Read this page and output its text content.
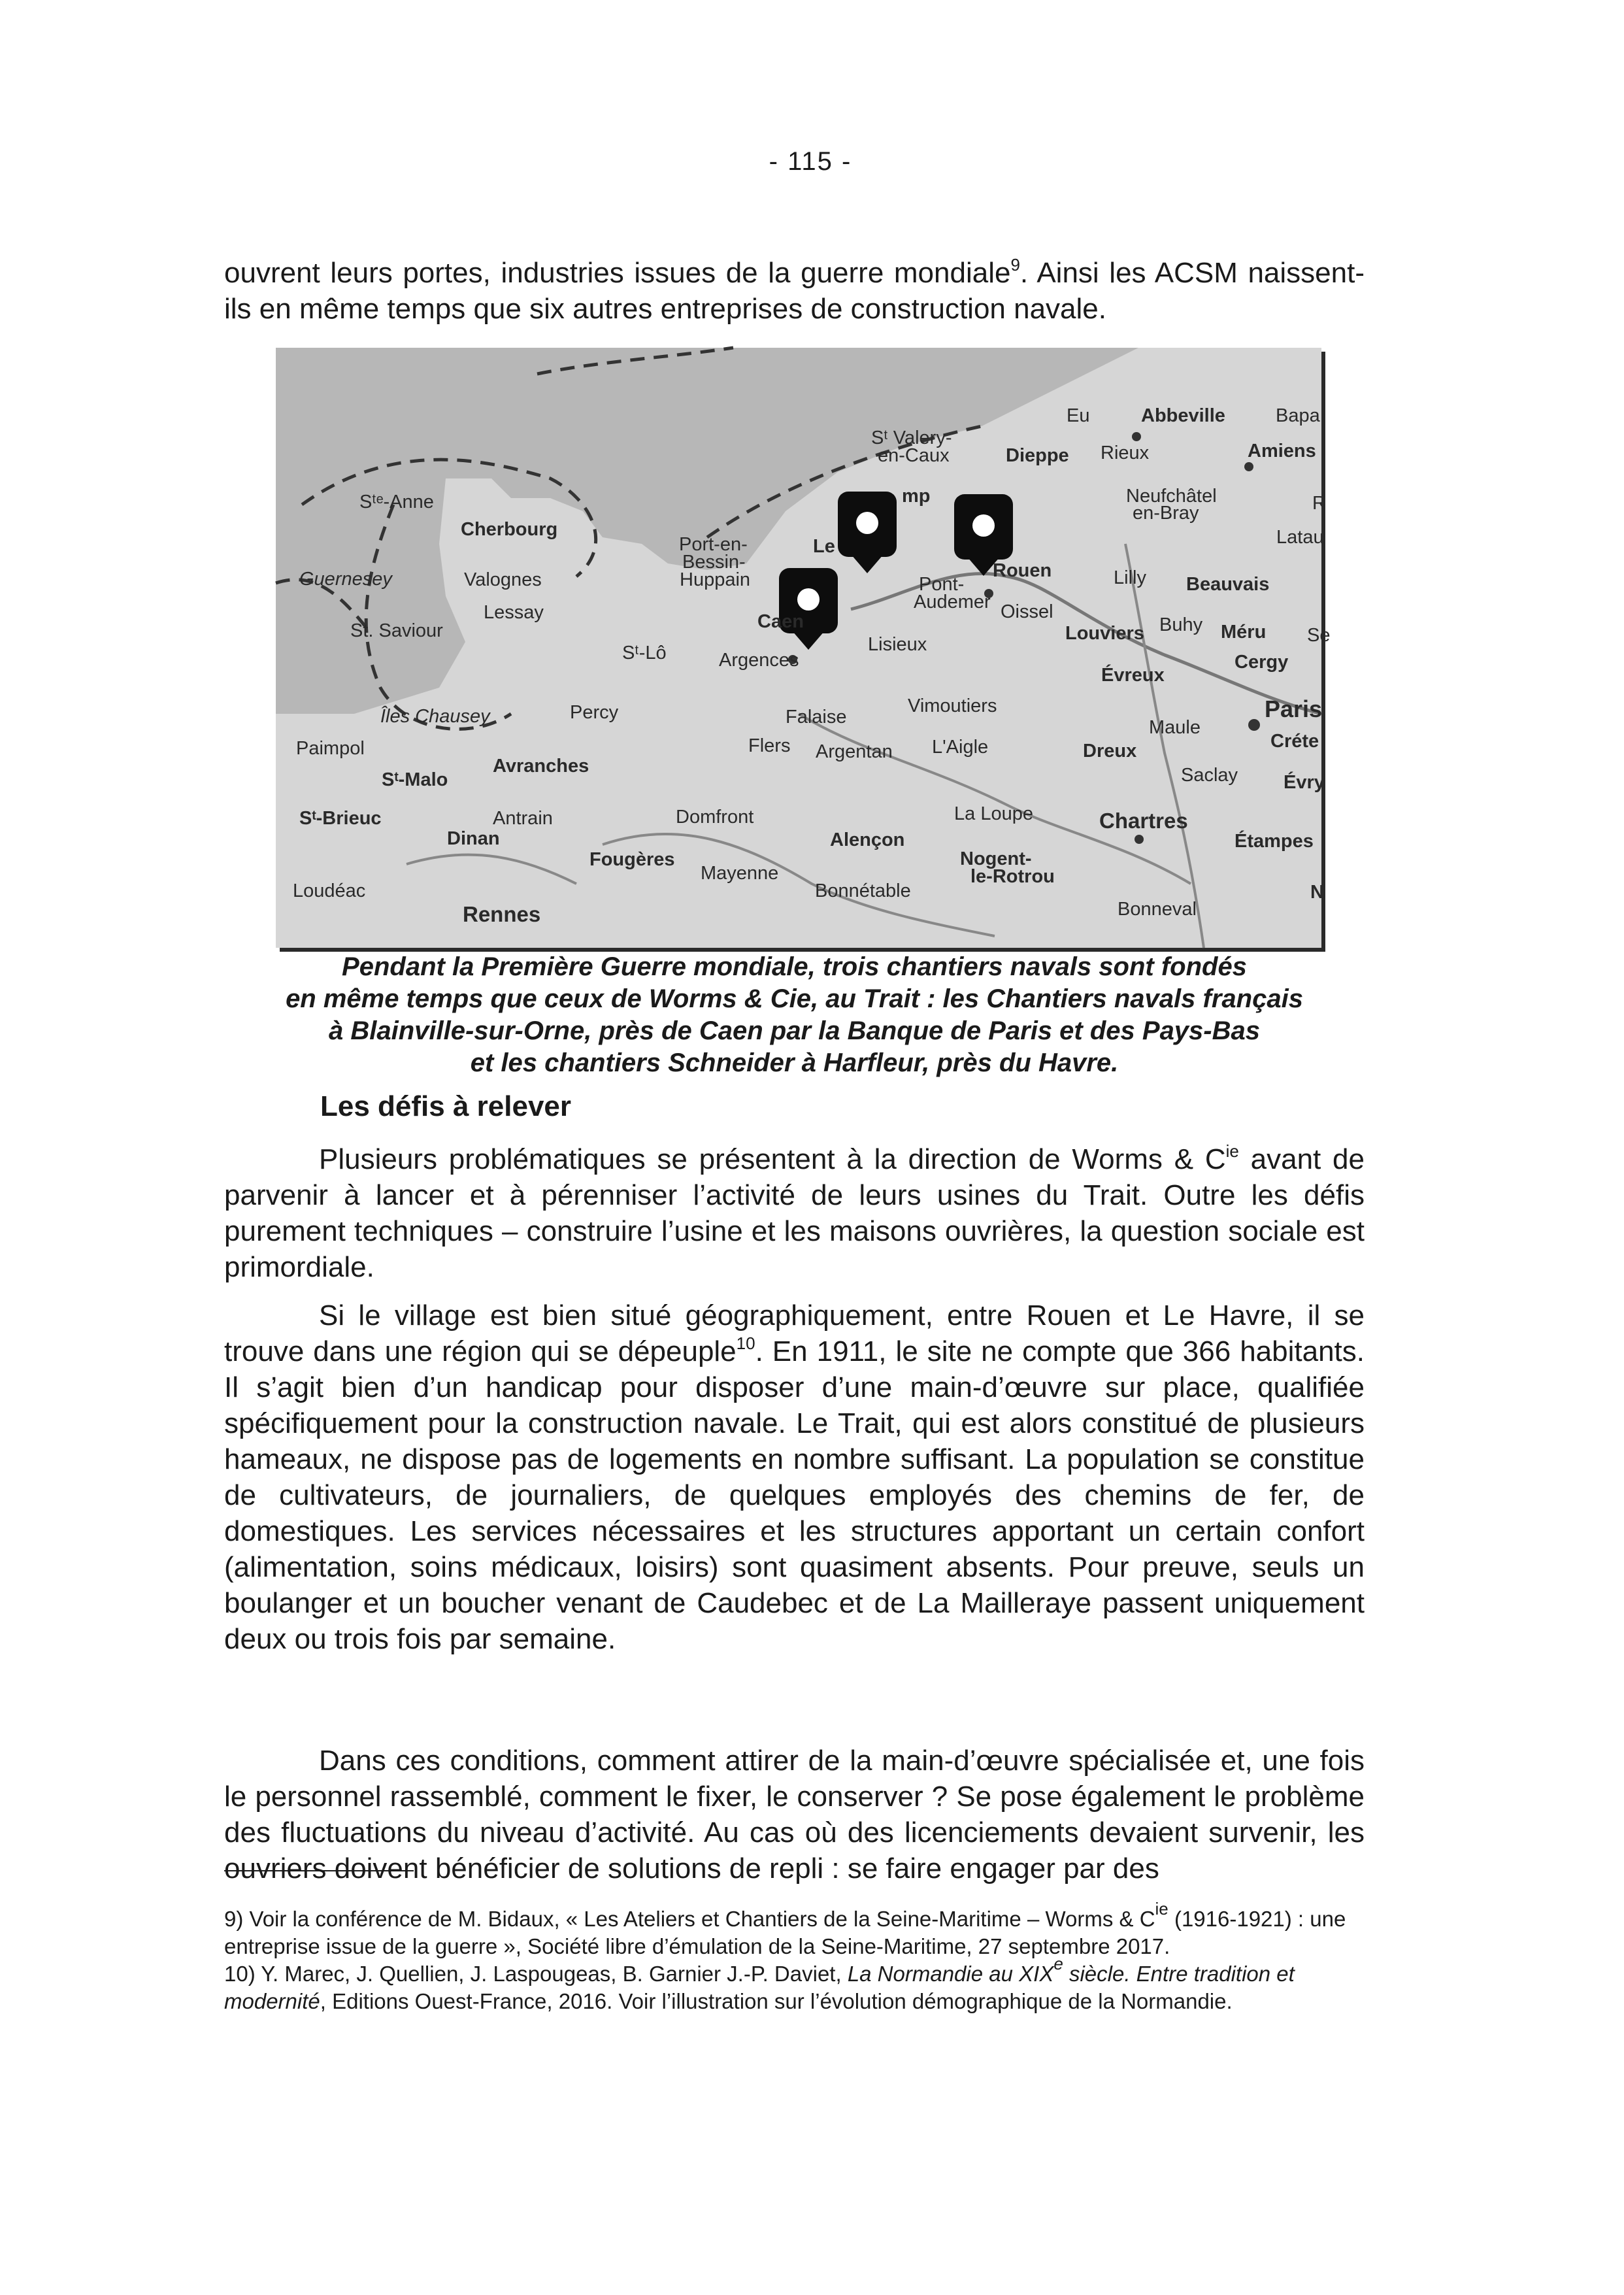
- 115 -

ouvrent leurs portes, industries issues de la guerre mondiale$^9$. Ainsi les ACSM naissent-ils en même temps que six autres entreprises de construction navale.

Eu	Abbeville	Bapa
Sᵗ Valery-
en-Caux	Dieppe Rieux	Amiens
Sᵗᵉ-Anne
Cherbourg
Port-en-
Bessin-
Huppain
Le
mp	Neufchâtel
en-Bray	R
Latau
Guernesey	Valognes	Rouen
Pont-
Audemer
Lilly Beauvais
Lessay	Caen	Oissel
St. Saviour
Sᵗ-Lô	Lisieux
Louviers Buhy Méru Se
Argences
Évreux
Cergy
Îles Chausey	Percy	Falaise
Vimoutiers	Paris
Maule
Paimpol	Flers Argentan L'Aigle	Dreux	Créte
Sᵗ-Malo
Avranches	Saclay Évry
Sᵗ-Brieuc	Antrain	Domfront	La Loupe	Chartres
Dinan	Alençon	Étampes
Fougères	Nogent-
le-Rotrou
Mayenne
Loudéac	Bonnétable
Rennes	Bonneval
N

Pendant la Première Guerre mondiale, trois chantiers navals sont fondés
en même temps que ceux de Worms & Cie, au Trait : les Chantiers navals français
à Blainville-sur-Orne, près de Caen par la Banque de Paris et des Pays-Bas
et les chantiers Schneider à Harfleur, près du Havre.

Les défis à relever

Plusieurs problématiques se présentent à la direction de Worms & $C^{ie}$ avant de parvenir à lancer et à pérenniser l’activité de leurs usines du Trait. Outre les défis purement techniques – construire l’usine et les maisons ouvrières, la question sociale est primordiale.

Si le village est bien situé géographiquement, entre Rouen et Le Havre, il se trouve dans une région qui se dépeuple$^{10}$. En 1911, le site ne compte que 366 habitants. Il s’agit bien d’un handicap pour disposer d’une main-d’œuvre sur place, qualifiée spécifiquement pour la construction navale. Le Trait, qui est alors constitué de plusieurs hameaux, ne dispose pas de logements en nombre suffisant. La population se constitue de cultivateurs, de journaliers, de quelques employés des chemins de fer, de domestiques. Les services nécessaires et les structures apportant un certain confort (alimentation, soins médicaux, loisirs) sont quasiment absents. Pour preuve, seuls un boulanger et un boucher venant de Caudebec et de La Mailleraye passent uniquement deux ou trois fois par semaine.

Dans ces conditions, comment attirer de la main-d’œuvre spécialisée et, une fois le personnel rassemblé, comment le fixer, le conserver ? Se pose également le problème des fluctuations du niveau d’activité. Au cas où des licenciements devaient survenir, les ouvriers doivent bénéficier de solutions de repli : se faire engager par des

9) Voir la conférence de M. Bidaux, « Les Ateliers et Chantiers de la Seine-Maritime – Worms & $C^{ie}$ (1916-1921) : une entreprise issue de la guerre », Société libre d’émulation de la Seine-Maritime, 27 septembre 2017.

10) Y. Marec, J. Quellien, J. Laspougeas, B. Garnier J.-P. Daviet, La Normandie au XIXe siècle. Entre tradition et modernité, Editions Ouest-France, 2016. Voir l’illustration sur l’évolution démographique de la Normandie.
